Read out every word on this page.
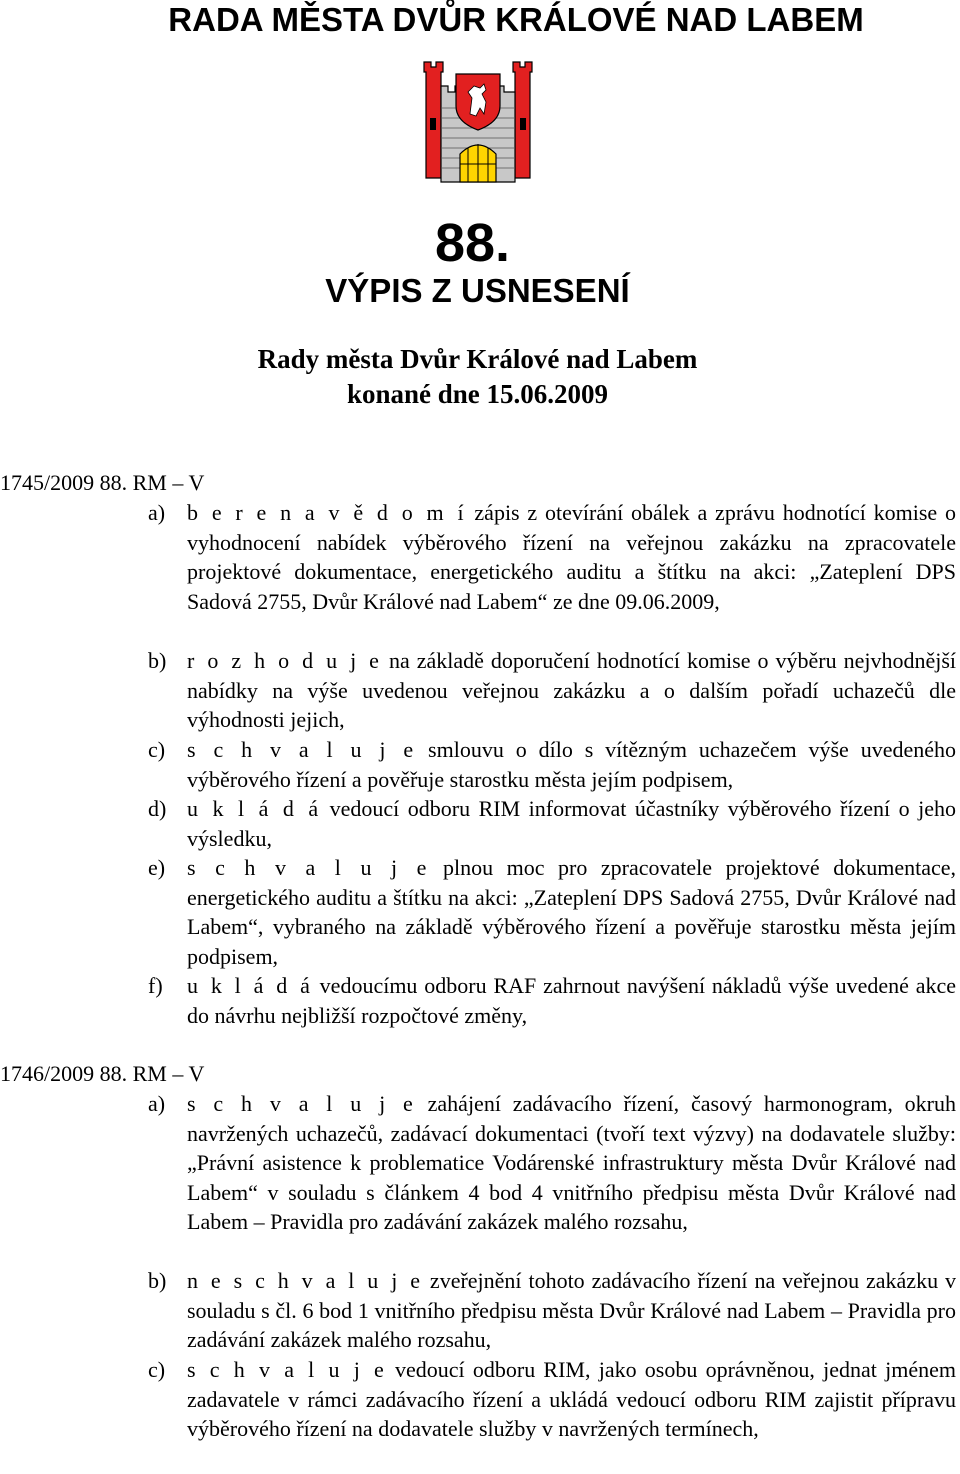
RADA MĚSTA DVŮR KRÁLOVÉ NAD LABEM
88.
VÝPIS Z USNESENÍ
Rady města Dvůr Králové nad Labem
konané dne 15.06.2009
1745/2009 88. RM – V
a) b e r e n a v ě d o m í zápis z otevírání obálek a zprávu hodnotící komise o vyhodnocení nabídek výběrového řízení na veřejnou zakázku na zpracovatele projektové dokumentace, energetického auditu a štítku na akci: „Zateplení DPS Sadová 2755, Dvůr Králové nad Labem“ ze dne 09.06.2009,
b) r o z h o d u j e na základě doporučení hodnotící komise o výběru nejvhodnější nabídky na výše uvedenou veřejnou zakázku a o dalším pořadí uchazečů dle výhodnosti jejich,
c) s c h v a l u j e smlouvu o dílo s vítězným uchazečem výše uvedeného výběrového řízení a pověřuje starostku města jejím podpisem,
d) u k l á d á vedoucí odboru RIM informovat účastníky výběrového řízení o jeho výsledku,
e) s c h v a l u j e plnou moc pro zpracovatele projektové dokumentace, energetického auditu a štítku na akci: „Zateplení DPS Sadová 2755, Dvůr Králové nad Labem“, vybraného na základě výběrového řízení a pověřuje starostku města jejím podpisem,
f) u k l á d á vedoucímu odboru RAF zahrnout navýšení nákladů výše uvedené akce do návrhu nejbližší rozpočtové změny,
1746/2009 88. RM – V
a) s c h v a l u j e zahájení zadávacího řízení, časový harmonogram, okruh navržených uchazečů, zadávací dokumentaci (tvoří text výzvy) na dodavatele služby: „Právní asistence k problematice Vodárenské infrastruktury města Dvůr Králové nad Labem“ v souladu s článkem 4 bod 4 vnitřního předpisu města Dvůr Králové nad Labem – Pravidla pro zadávání zakázek malého rozsahu,
b) n e s c h v a l u j e zveřejnění tohoto zadávacího řízení na veřejnou zakázku v souladu s čl. 6 bod 1 vnitřního předpisu města Dvůr Králové nad Labem – Pravidla pro zadávání zakázek malého rozsahu,
c) s c h v a l u j e vedoucí odboru RIM, jako osobu oprávněnou, jednat jménem zadavatele v rámci zadávacího řízení a ukládá vedoucí odboru RIM zajistit přípravu výběrového řízení na dodavatele služby v navržených termínech,
